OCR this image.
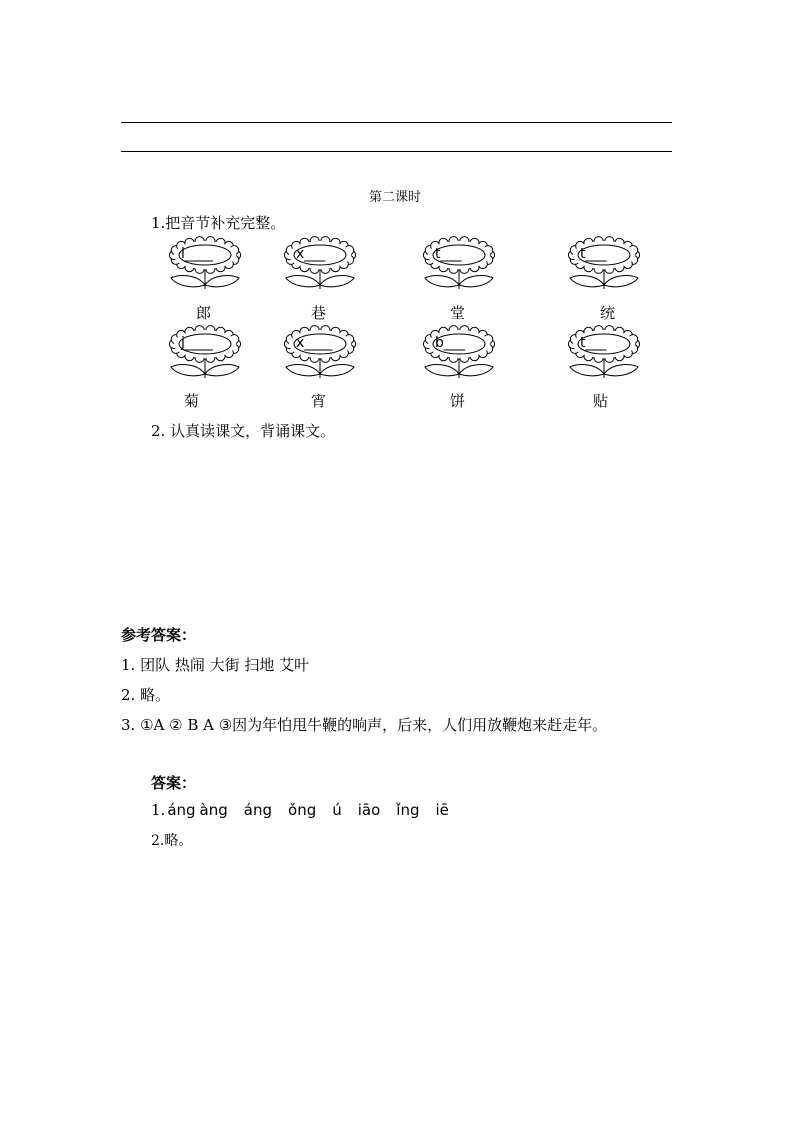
第二课时
1.把音节补充完整。
l____
郎
x___
巷
t___
堂
t___
统
j____
菊
x____
宵
b___
饼
t___
贴
2. 认真读课文，背诵课文。
参考答案：
1. 团队 热闹 大街 扫地 艾叶
2. 略。
3. ①A ② B A ③因为年怕甩牛鞭的响声，后来，人们用放鞭炮来赶走年。
答案：
1. áng àng áng ǒng ú iāo ǐng iē
2.略。
